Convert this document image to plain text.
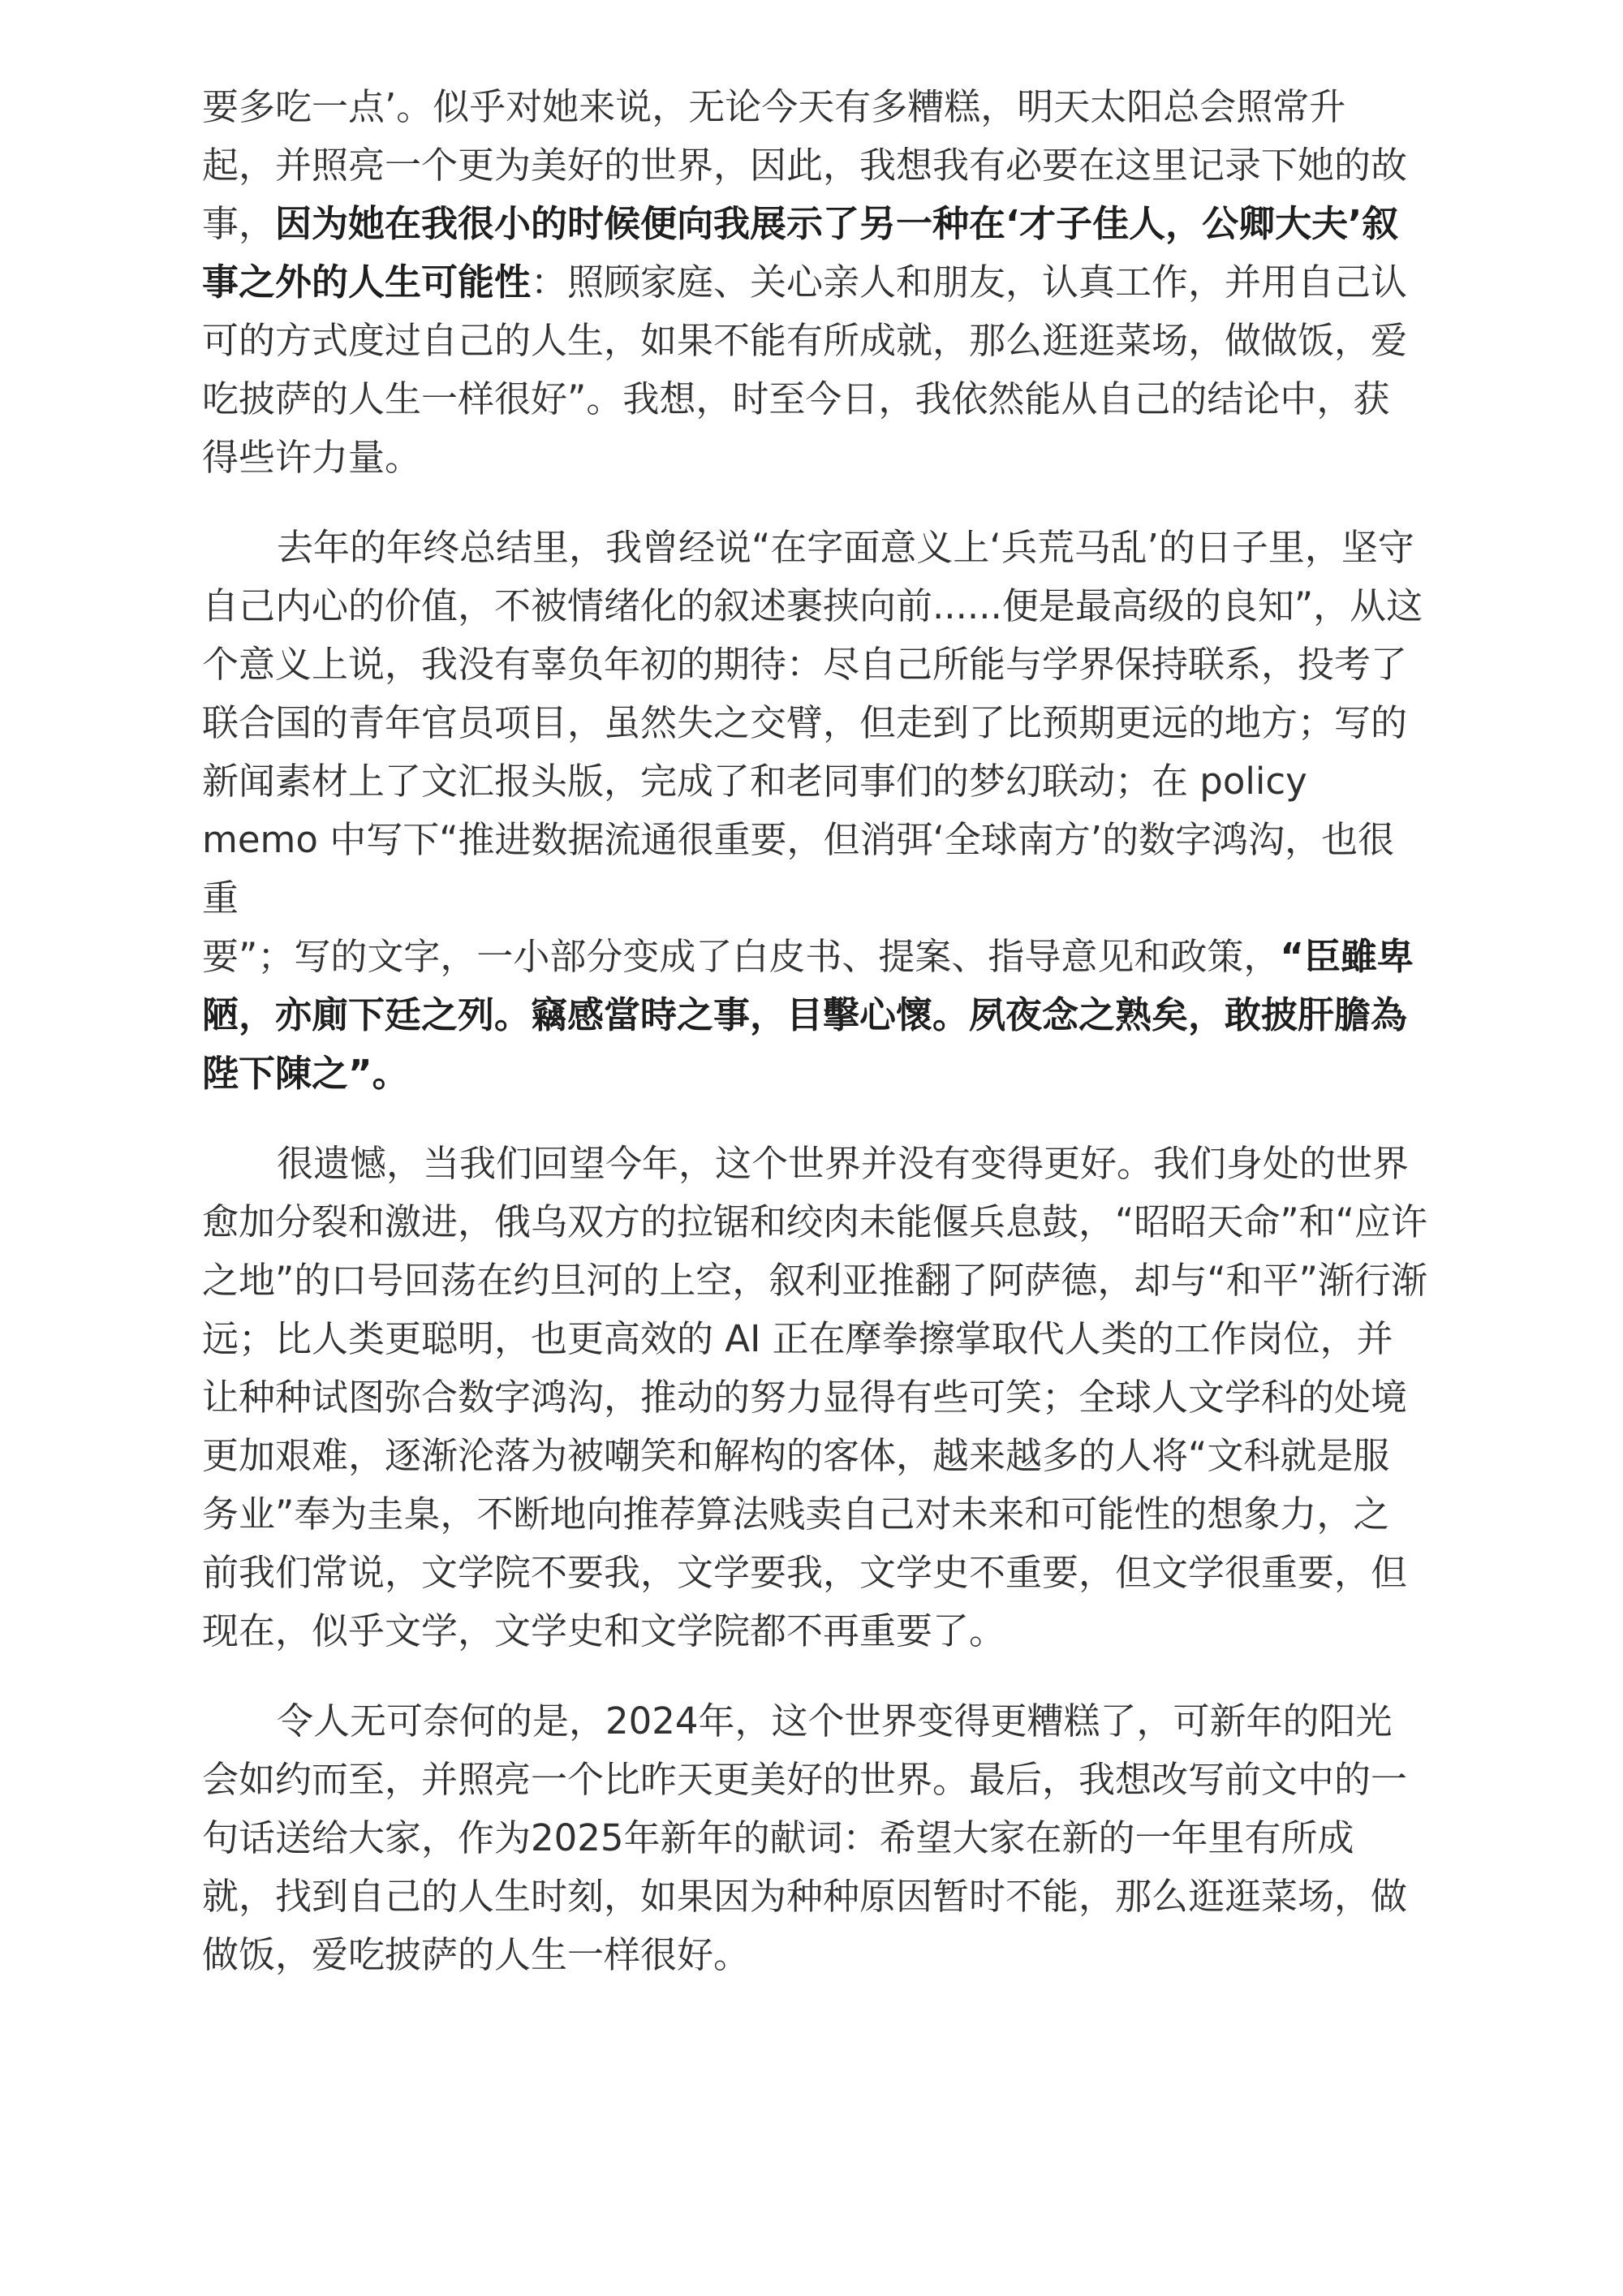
要多吃一点’。似乎对她来说，无论今天有多糟糕，明天太阳总会照常升
起，并照亮一个更为美好的世界，因此，我想我有必要在这里记录下她的故
事，因为她在我很小的时候便向我展示了另一种在‘才子佳人，公卿大夫’叙
事之外的人生可能性：照顾家庭、关心亲人和朋友，认真工作，并用自己认
可的方式度过自己的人生，如果不能有所成就，那么逛逛菜场，做做饭，爱
吃披萨的人生一样很好”。我想，时至今日，我依然能从自己的结论中，获
得些许力量。
去年的年终总结里，我曾经说“在字面意义上‘兵荒马乱’的日子里，坚守
自己内心的价值，不被情绪化的叙述裹挟向前......便是最高级的良知”，从这
个意义上说，我没有辜负年初的期待：尽自己所能与学界保持联系，投考了
联合国的青年官员项目，虽然失之交臂，但走到了比预期更远的地方；写的
新闻素材上了文汇报头版，完成了和老同事们的梦幻联动；在 policy
memo 中写下“推进数据流通很重要，但消弭‘全球南方’的数字鸿沟，也很重
要”；写的文字，一小部分变成了白皮书、提案、指导意见和政策，“臣雖卑
陋，亦廁下廷之列。竊感當時之事，目擊心懷。夙夜念之熟矣，敢披肝膽為
陛下陳之”。
很遗憾，当我们回望今年，这个世界并没有变得更好。我们身处的世界
愈加分裂和激进，俄乌双方的拉锯和绞肉未能偃兵息鼓，“昭昭天命”和“应许
之地”的口号回荡在约旦河的上空，叙利亚推翻了阿萨德，却与“和平”渐行渐
远；比人类更聪明，也更高效的 AI 正在摩拳擦掌取代人类的工作岗位，并
让种种试图弥合数字鸿沟，推动的努力显得有些可笑；全球人文学科的处境
更加艰难，逐渐沦落为被嘲笑和解构的客体，越来越多的人将“文科就是服
务业”奉为圭臬，不断地向推荐算法贱卖自己对未来和可能性的想象力，之
前我们常说，文学院不要我，文学要我，文学史不重要，但文学很重要，但
现在，似乎文学，文学史和文学院都不再重要了。
令人无可奈何的是，2024年，这个世界变得更糟糕了，可新年的阳光
会如约而至，并照亮一个比昨天更美好的世界。最后，我想改写前文中的一
句话送给大家，作为2025年新年的献词：希望大家在新的一年里有所成
就，找到自己的人生时刻，如果因为种种原因暂时不能，那么逛逛菜场，做
做饭，爱吃披萨的人生一样很好。
